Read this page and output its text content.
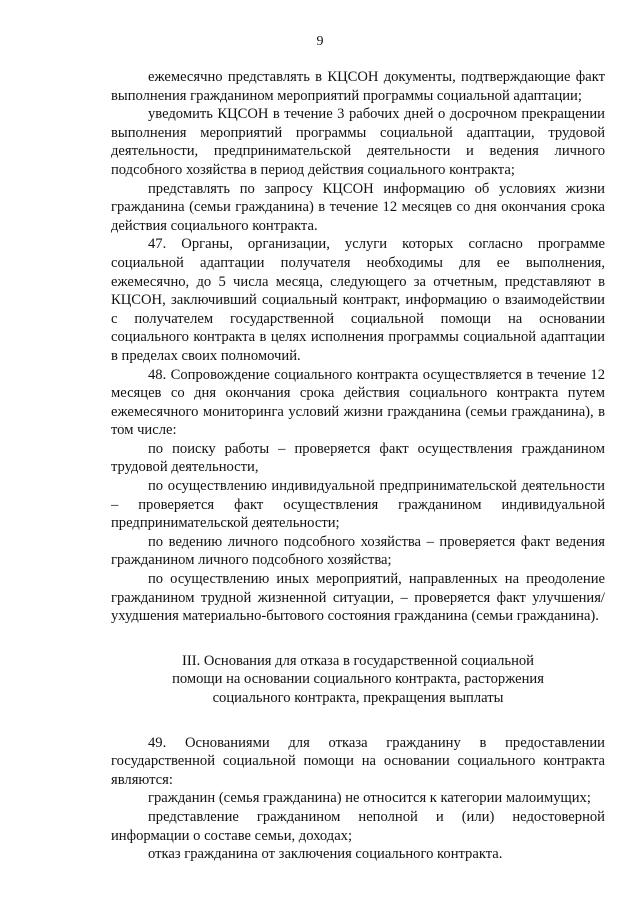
9

ежемесячно представлять в КЦСОН документы, подтверждающие факт выполнения гражданином мероприятий программы социальной адаптации;

уведомить КЦСОН в течение 3 рабочих дней о досрочном прекращении выполнения мероприятий программы социальной адаптации, трудовой деятельности, предпринимательской деятельности и ведения личного подсобного хозяйства в период действия социального контракта;

представлять по запросу КЦСОН информацию об условиях жизни гражданина (семьи гражданина) в течение 12 месяцев со дня окончания срока действия социального контракта.

47. Органы, организации, услуги которых согласно программе социальной адаптации получателя необходимы для ее выполнения, ежемесячно, до 5 числа месяца, следующего за отчетным, представляют в КЦСОН, заключивший социальный контракт, информацию о взаимодействии с получателем государственной социальной помощи на основании социального контракта в целях исполнения программы социальной адаптации в пределах своих полномочий.

48. Сопровождение социального контракта осуществляется в течение 12 месяцев со дня окончания срока действия социального контракта путем ежемесячного мониторинга условий жизни гражданина (семьи гражданина), в том числе:

по поиску работы – проверяется факт осуществления гражданином трудовой деятельности,

по осуществлению индивидуальной предпринимательской деятельности – проверяется факт осуществления гражданином индивидуальной предпринимательской деятельности;

по ведению личного подсобного хозяйства – проверяется факт ведения гражданином личного подсобного хозяйства;

по осуществлению иных мероприятий, направленных на преодоление гражданином трудной жизненной ситуации, – проверяется факт улучшения/ухудшения материально-бытового состояния гражданина (семьи гражданина).

III. Основания для отказа в государственной социальной
помощи на основании социального контракта, расторжения
социального контракта, прекращения выплаты

49. Основаниями для отказа гражданину в предоставлении государственной социальной помощи на основании социального контракта являются:

гражданин (семья гражданина) не относится к категории малоимущих;

представление гражданином неполной и (или) недостоверной информации о составе семьи, доходах;

отказ гражданина от заключения социального контракта.
